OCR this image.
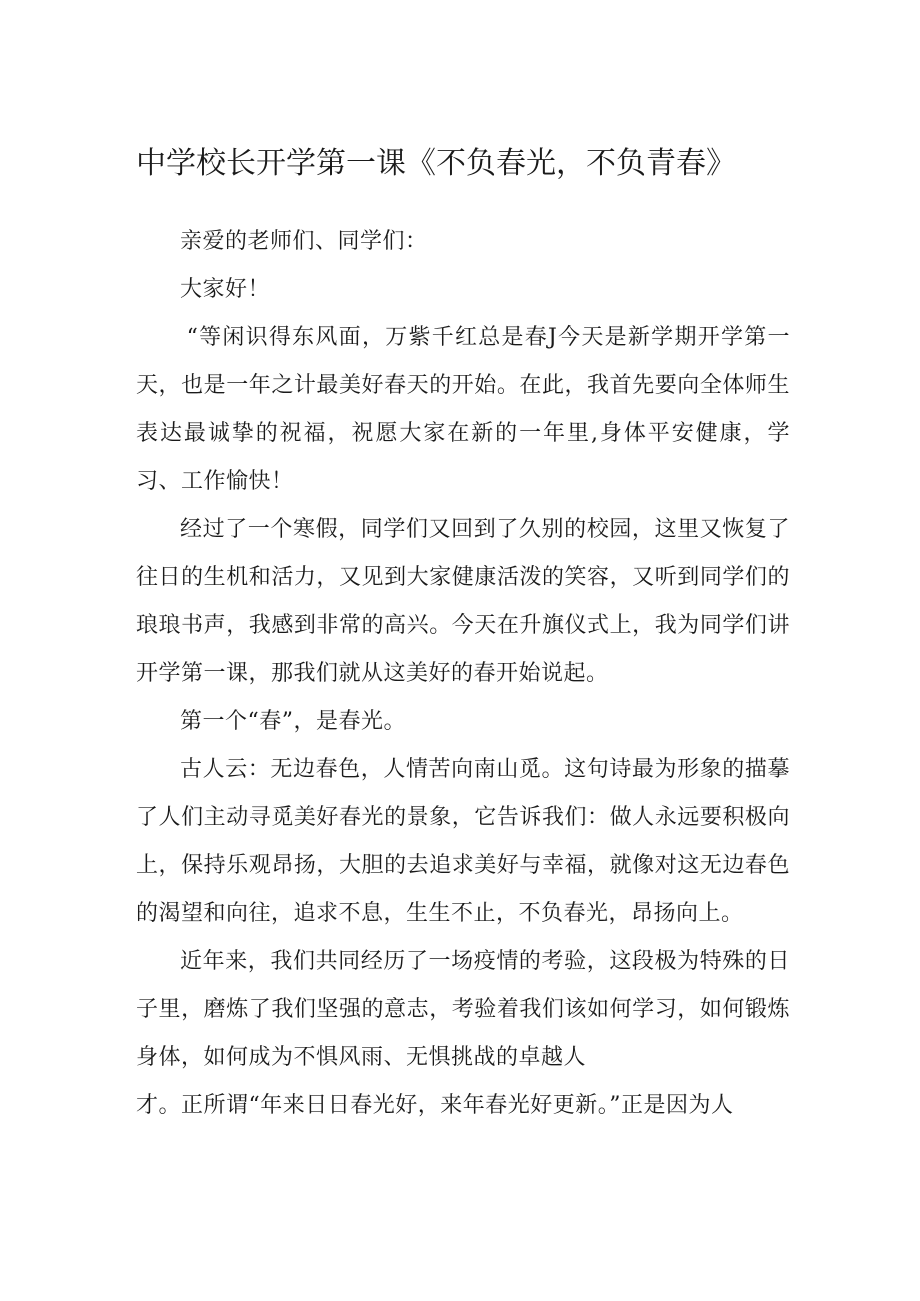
中学校长开学第一课《不负春光，不负青春》

亲爱的老师们、同学们：

大家好！

“等闲识得东风面，万紫千红总是春J今天是新学期开学第一天，也是一年之计最美好春天的开始。在此，我首先要向全体师生表达最诚挚的祝福，祝愿大家在新的一年里,身体平安健康，学习、工作愉快！

经过了一个寒假，同学们又回到了久别的校园，这里又恢复了往日的生机和活力，又见到大家健康活泼的笑容，又听到同学们的琅琅书声，我感到非常的高兴。今天在升旗仪式上，我为同学们讲开学第一课，那我们就从这美好的春开始说起。

第一个“春”，是春光。

古人云：无边春色，人情苦向南山觅。这句诗最为形象的描摹了人们主动寻觅美好春光的景象，它告诉我们：做人永远要积极向上，保持乐观昂扬，大胆的去追求美好与幸福，就像对这无边春色的渴望和向往，追求不息，生生不止，不负春光，昂扬向上。

近年来，我们共同经历了一场疫情的考验，这段极为特殊的日子里，磨炼了我们坚强的意志，考验着我们该如何学习，如何锻炼身体，如何成为不惧风雨、无惧挑战的卓越人

才。正所谓“年来日日春光好，来年春光好更新。”正是因为人
